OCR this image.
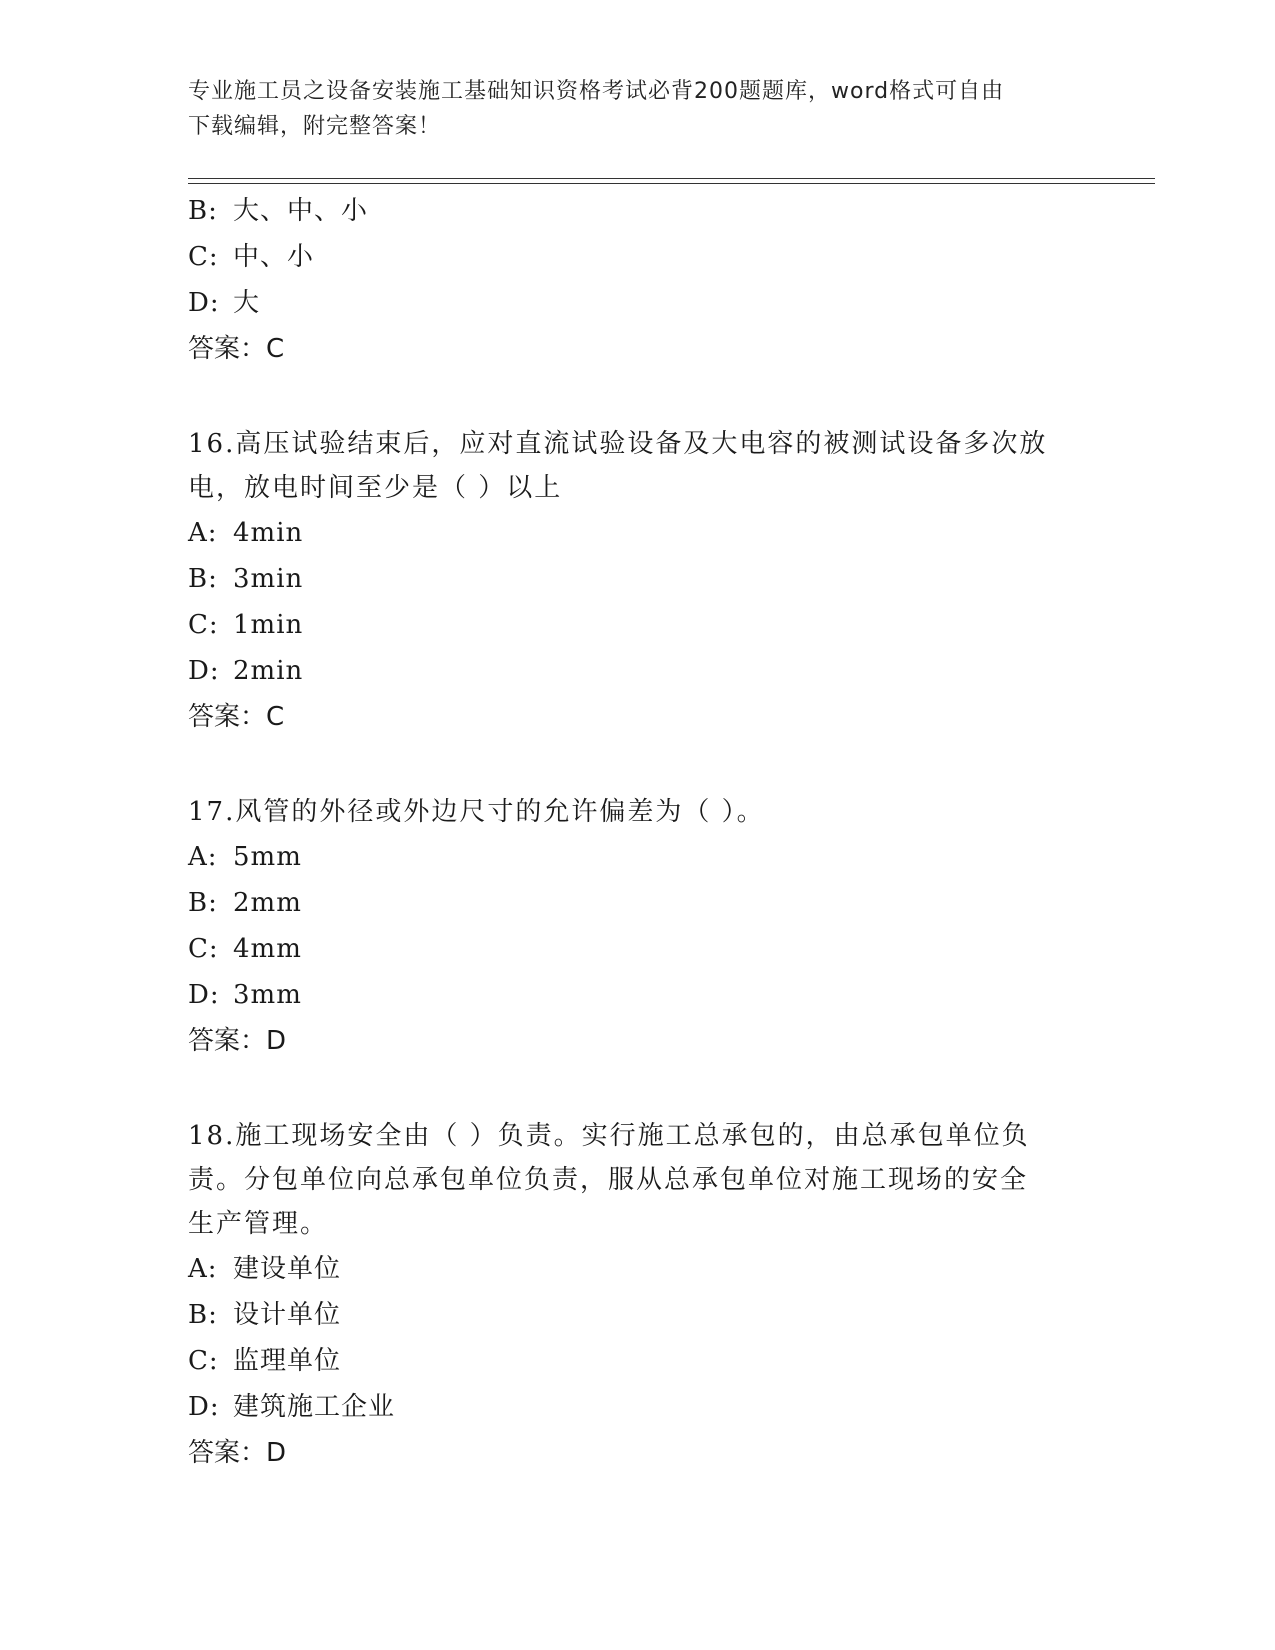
专业施工员之设备安装施工基础知识资格考试必背200题题库，word格式可自由
下载编辑，附完整答案！
B: 大、中、小
C: 中、小
D: 大
答案：C
16.高压试验结束后，应对直流试验设备及大电容的被测试设备多次放电，放电时间至少是（ ）以上
A: 4min
B: 3min
C: 1min
D: 2min
答案：C
17.风管的外径或外边尺寸的允许偏差为（ ）。
A: 5mm
B: 2mm
C: 4mm
D: 3mm
答案：D
18.施工现场安全由（ ）负责。实行施工总承包的，由总承包单位负责。分包单位向总承包单位负责，服从总承包单位对施工现场的安全生产管理。
A: 建设单位
B: 设计单位
C: 监理单位
D: 建筑施工企业
答案：D
